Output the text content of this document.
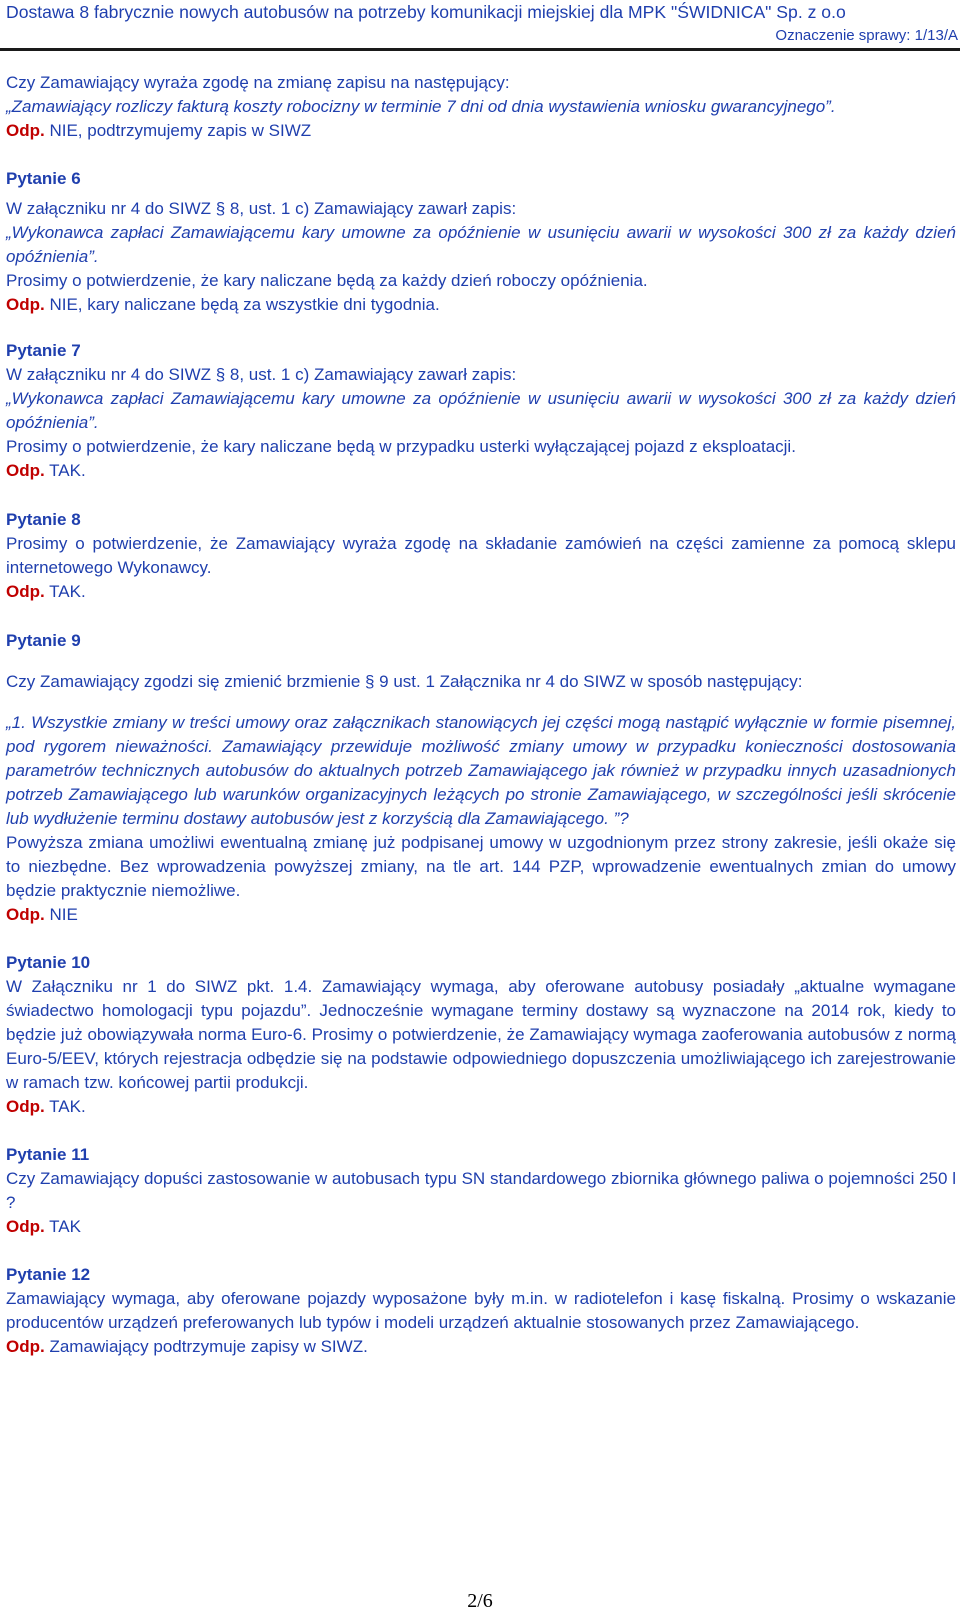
Dostawa 8 fabrycznie nowych autobusów na potrzeby komunikacji miejskiej dla MPK "ŚWIDNICA" Sp. z o.o
Oznaczenie sprawy: 1/13/A

Czy Zamawiający wyraża zgodę na zmianę zapisu na następujący:

„Zamawiający rozliczy fakturą koszty robocizny w terminie 7 dni od dnia wystawienia wniosku gwarancyjnego”.

Odp. NIE, podtrzymujemy zapis w SIWZ

Pytanie 6

W załączniku nr 4 do SIWZ § 8, ust. 1 c) Zamawiający zawarł zapis:

„Wykonawca zapłaci Zamawiającemu kary umowne za opóźnienie w usunięciu awarii w wysokości 300 zł za każdy dzień opóźnienia”.

Prosimy o potwierdzenie, że kary naliczane będą za każdy dzień roboczy opóźnienia.

Odp. NIE, kary naliczane będą za wszystkie dni tygodnia.

Pytanie 7

W załączniku nr 4 do SIWZ § 8, ust. 1 c) Zamawiający zawarł zapis:

„Wykonawca zapłaci Zamawiającemu kary umowne za opóźnienie w usunięciu awarii w wysokości 300 zł za każdy dzień opóźnienia”.

Prosimy o potwierdzenie, że kary naliczane będą w przypadku usterki wyłączającej pojazd z eksploatacji.

Odp. TAK.

Pytanie 8

Prosimy o potwierdzenie, że Zamawiający wyraża zgodę na składanie zamówień na części zamienne za pomocą sklepu internetowego Wykonawcy.

Odp. TAK.

Pytanie 9

Czy Zamawiający zgodzi się zmienić brzmienie § 9 ust. 1 Załącznika nr 4 do SIWZ w sposób następujący:

„1. Wszystkie zmiany w treści umowy oraz załącznikach stanowiących jej części mogą nastąpić wyłącznie w formie pisemnej, pod rygorem nieważności. Zamawiający przewiduje możliwość zmiany umowy w przypadku konieczności dostosowania parametrów technicznych autobusów do aktualnych potrzeb Zamawiającego jak również w przypadku innych uzasadnionych potrzeb Zamawiającego lub warunków organizacyjnych leżących po stronie Zamawiającego, w szczególności jeśli skrócenie lub wydłużenie terminu dostawy autobusów jest z korzyścią dla Zamawiającego. ”?

Powyższa zmiana umożliwi ewentualną zmianę już podpisanej umowy w uzgodnionym przez strony zakresie, jeśli okaże się to niezbędne. Bez wprowadzenia powyższej zmiany, na tle art. 144 PZP, wprowadzenie ewentualnych zmian do umowy będzie praktycznie niemożliwe.

Odp. NIE

Pytanie 10

W Załączniku nr 1 do SIWZ pkt. 1.4. Zamawiający wymaga, aby oferowane autobusy posiadały „aktualne wymagane świadectwo homologacji typu pojazdu”. Jednocześnie wymagane terminy dostawy są wyznaczone na 2014 rok, kiedy to będzie już obowiązywała norma Euro-6. Prosimy o potwierdzenie, że Zamawiający wymaga zaoferowania autobusów z normą Euro-5/EEV, których rejestracja odbędzie się na podstawie odpowiedniego dopuszczenia umożliwiającego ich zarejestrowanie w ramach tzw. końcowej partii produkcji.

Odp. TAK.

Pytanie 11

Czy Zamawiający dopuści zastosowanie w autobusach typu SN standardowego zbiornika głównego paliwa o pojemności 250 l ?

Odp. TAK

Pytanie 12

Zamawiający wymaga, aby oferowane pojazdy wyposażone były m.in. w radiotelefon i kasę fiskalną. Prosimy o wskazanie producentów urządzeń preferowanych lub typów i modeli urządzeń aktualnie stosowanych przez Zamawiającego.

Odp. Zamawiający podtrzymuje zapisy w SIWZ.

2/6
